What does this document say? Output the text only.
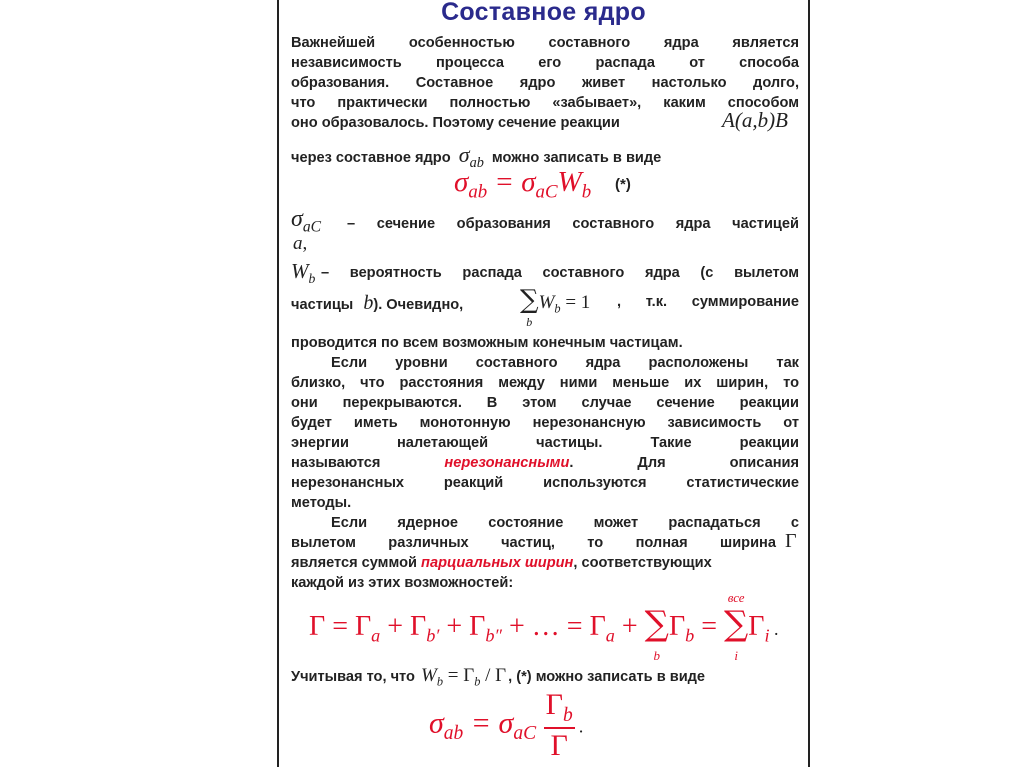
Составное ядро
Важнейшей особенностью составного ядра является
независимость процесса его распада от способа
образования. Составное ядро живет настолько долго,
что практически полностью «забывает», каким способом
оно образовалось. Поэтому сечение реакции	A(a,b)B
через составное ядро $\sigma_{ab}$ можно записать в виде
$\sigma_{ab} = \sigma_{aC}W_b$ (*)
$\sigma_{aC}$ – сечение образования составного ядра частицей
a,
$W_b$ – вероятность распада составного ядра (с вылетом
частицы b). Очевидно, ∑
b
$W_b = 1$ , т.к. суммирование
проводится по всем возможным конечным частицам.
Если уровни составного ядра расположены так
близко, что расстояния между ними меньше их ширин, то
они перекрываются. В этом случае сечение реакции
будет иметь монотонную нерезонансную зависимость от
энергии налетающей частицы. Такие реакции
называются	нерезонансными. Для описания
нерезонансных реакций используются статистические
методы.
Если ядерное состояние может распадаться с
вылетом различных частиц, то полная ширина Γ
является суммой парциальных ширин, соответствующих
каждой из этих возможностей:
$\Gamma = \Gamma_a + \Gamma_{b'} + \Gamma_{b''}$ + … = $\Gamma_a$ + ∑
b
$\Gamma_b$ =
все
∑
i
$\Gamma_i$ .
Учитывая то, что $W_b = \Gamma_b / \Gamma$ , (*) можно записать в виде
$\sigma_{ab} = \sigma_{aC} \frac{\Gamma_b}{\Gamma}$ .
